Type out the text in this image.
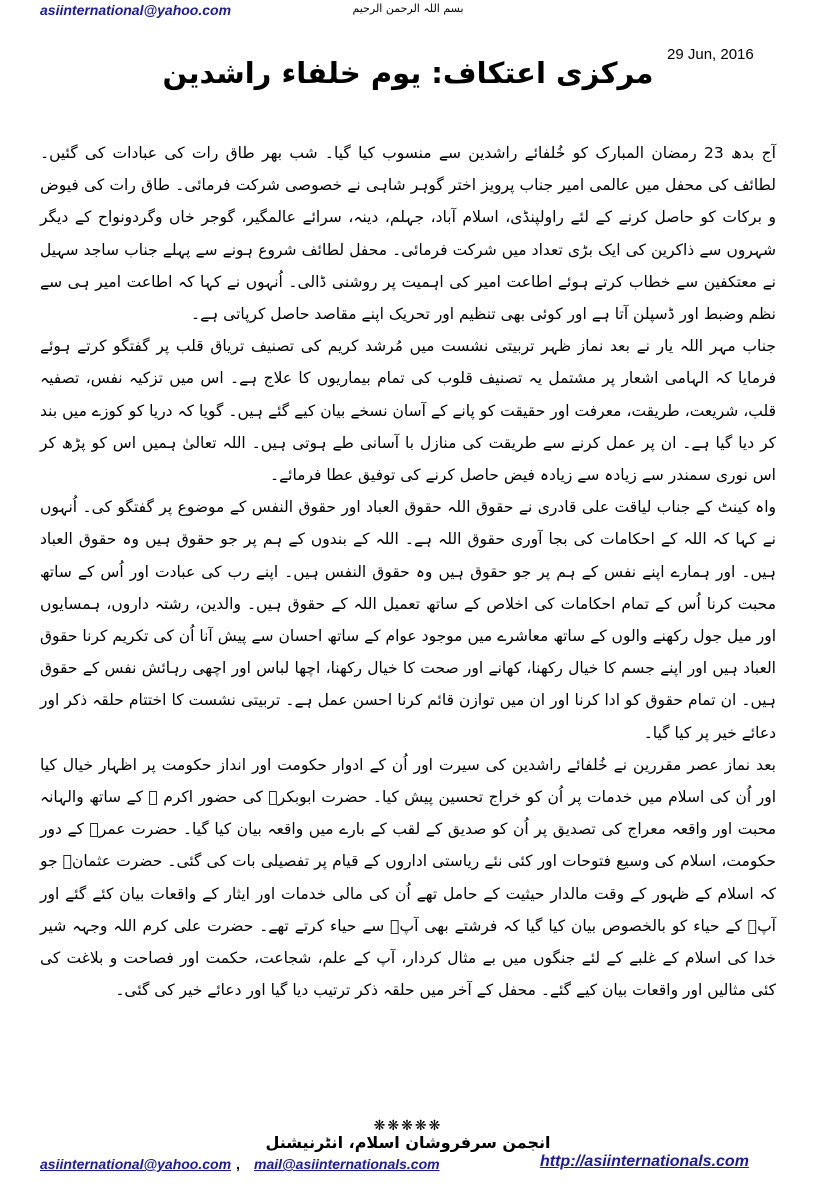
asiinternational@yahoo.com	بسم اللہ الرحمن الرحیم
29 Jun, 2016
مرکزی اعتکاف: یوم خلفاء راشدین

آج بدھ 23 رمضان المبارک کو خُلفائے راشدین سے منسوب کیا گیا۔ شب بھر طاق رات کی عبادات کی گئیں۔ لطائف کی محفل میں عالمی امیر جناب پرویز اختر گوہر شاہی نے خصوصی شرکت فرمائی۔ طاق رات کی فیوض و برکات کو حاصل کرنے کے لئے راولپنڈی، اسلام آباد، جہلم، دینہ، سرائے عالمگیر، گوجر خاں وگردونواح کے دیگر شہروں سے ذاکرین کی ایک بڑی تعداد میں شرکت فرمائی۔ محفل لطائف شروع ہونے سے پہلے جناب ساجد سہیل نے معتکفین سے خطاب کرتے ہوئے اطاعت امیر کی اہمیت پر روشنی ڈالی۔ اُنہوں نے کہا کہ اطاعت امیر ہی سے نظم وضبط اور ڈسپلن آتا ہے اور کوئی بھی تنظیم اور تحریک اپنے مقاصد حاصل کرپاتی ہے۔

جناب مہر اللہ یار نے بعد نماز ظہر تربیتی نشست میں مُرشد کریم کی تصنیف تریاق قلب پر گفتگو کرتے ہوئے فرمایا کہ الہامی اشعار پر مشتمل یہ تصنیف قلوب کی تمام بیماریوں کا علاج ہے۔ اس میں تزکیہ نفس، تصفیہ قلب، شریعت، طریقت، معرفت اور حقیقت کو پانے کے آسان نسخے بیان کیے گئے ہیں۔ گویا کہ دریا کو کوزے میں بند کر دیا گیا ہے۔ ان پر عمل کرنے سے طریقت کی منازل با آسانی طے ہوتی ہیں۔ اللہ تعالیٰ ہمیں اس کو پڑھ کر اس نوری سمندر سے زیادہ سے زیادہ فیض حاصل کرنے کی توفیق عطا فرمائے۔

واہ کینٹ کے جناب لیاقت علی قادری نے حقوق اللہ حقوق العباد اور حقوق النفس کے موضوع پر گفتگو کی۔ اُنہوں نے کہا کہ اللہ کے احکامات کی بجا آوری حقوق اللہ ہے۔ اللہ کے بندوں کے ہم پر جو حقوق ہیں وہ حقوق العباد ہیں۔ اور ہمارے اپنے نفس کے ہم پر جو حقوق ہیں وہ حقوق النفس ہیں۔ اپنے رب کی عبادت اور اُس کے ساتھ محبت کرنا اُس کے تمام احکامات کی اخلاص کے ساتھ تعمیل اللہ کے حقوق ہیں۔ والدین، رشتہ داروں، ہمسایوں اور میل جول رکھنے والوں کے ساتھ معاشرے میں موجود عوام کے ساتھ احسان سے پیش آنا اُن کی تکریم کرنا حقوق العباد ہیں اور اپنے جسم کا خیال رکھنا، کھانے اور صحت کا خیال رکھنا، اچھا لباس اور اچھی رہائش نفس کے حقوق ہیں۔ ان تمام حقوق کو ادا کرنا اور ان میں توازن قائم کرنا احسن عمل ہے۔ تربیتی نشست کا اختتام حلقہ ذکر اور دعائے خیر پر کیا گیا۔

بعد نماز عصر مقررین نے خُلفائے راشدین کی سیرت اور اُن کے ادوار حکومت اور انداز حکومت پر اظہار خیال کیا اور اُن کی اسلام میں خدمات پر اُن کو خراج تحسین پیش کیا۔ حضرت ابوبکرؓ کی حضور اکرم ﷺ کے ساتھ والہانہ محبت اور واقعہ معراج کی تصدیق پر اُن کو صدیق کے لقب کے بارے میں واقعہ بیان کیا گیا۔ حضرت عمرؓ کے دور حکومت، اسلام کی وسیع فتوحات اور کئی نئے ریاستی اداروں کے قیام پر تفصیلی بات کی گئی۔ حضرت عثمانؓ جو کہ اسلام کے ظہور کے وقت مالدار حیثیت کے حامل تھے اُن کی مالی خدمات اور ایثار کے واقعات بیان کئے گئے اور آپؓ کے حیاء کو بالخصوص بیان کیا گیا کہ فرشتے بھی آپؓ سے حیاء کرتے تھے۔ حضرت علی کرم اللہ وجہہ شیر خدا کی اسلام کے غلبے کے لئے جنگوں میں بے مثال کردار، آپ کے علم، شجاعت، حکمت اور فصاحت و بلاغت کی کئی مثالیں اور واقعات بیان کیے گئے۔ محفل کے آخر میں حلقہ ذکر ترتیب دیا گیا اور دعائے خیر کی گئی۔

❋❋❋❋❋
انجمن سرفروشان اسلام، انٹرنیشنل
asiinternational@yahoo.com , mail@asiinternationals.com	http://asiinternationals.com
